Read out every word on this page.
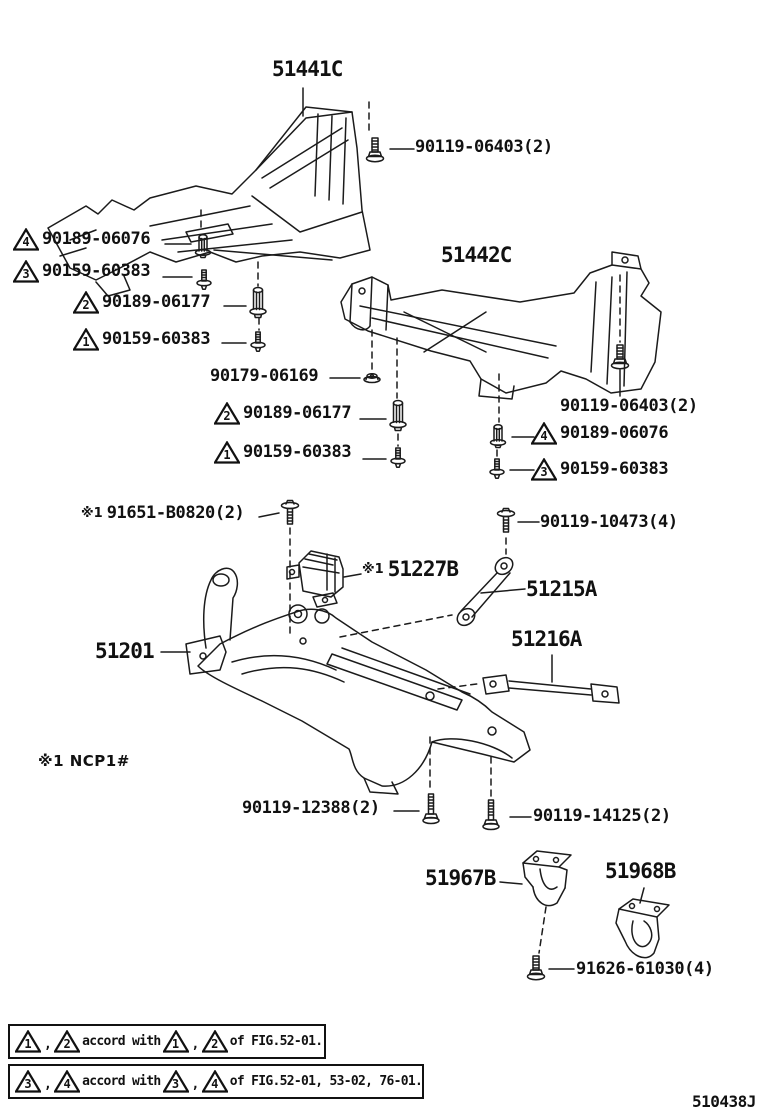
51441C
90119-06403(2)
4 90189-06076
3 90159-60383
2 90189-06177
1 90159-60383
51442C
90179-06169
2 90189-06177
1 90159-60383
90119-06403(2)
4 90189-06076
3 90159-60383
※1 91651-B0820(2)	90119-10473(4)
※1 51227B
51215A
51216A
51201
※1 NCP1#
90119-12388(2)	90119-14125(2)
51967B	51968B
91626-61030(4)
1 ,	2 accord with 1 ,	2 of FIG.52-01.
3 ,	4 accord with 3 ,	4 of FIG.52-01, 53-02, 76-01.
510438J
